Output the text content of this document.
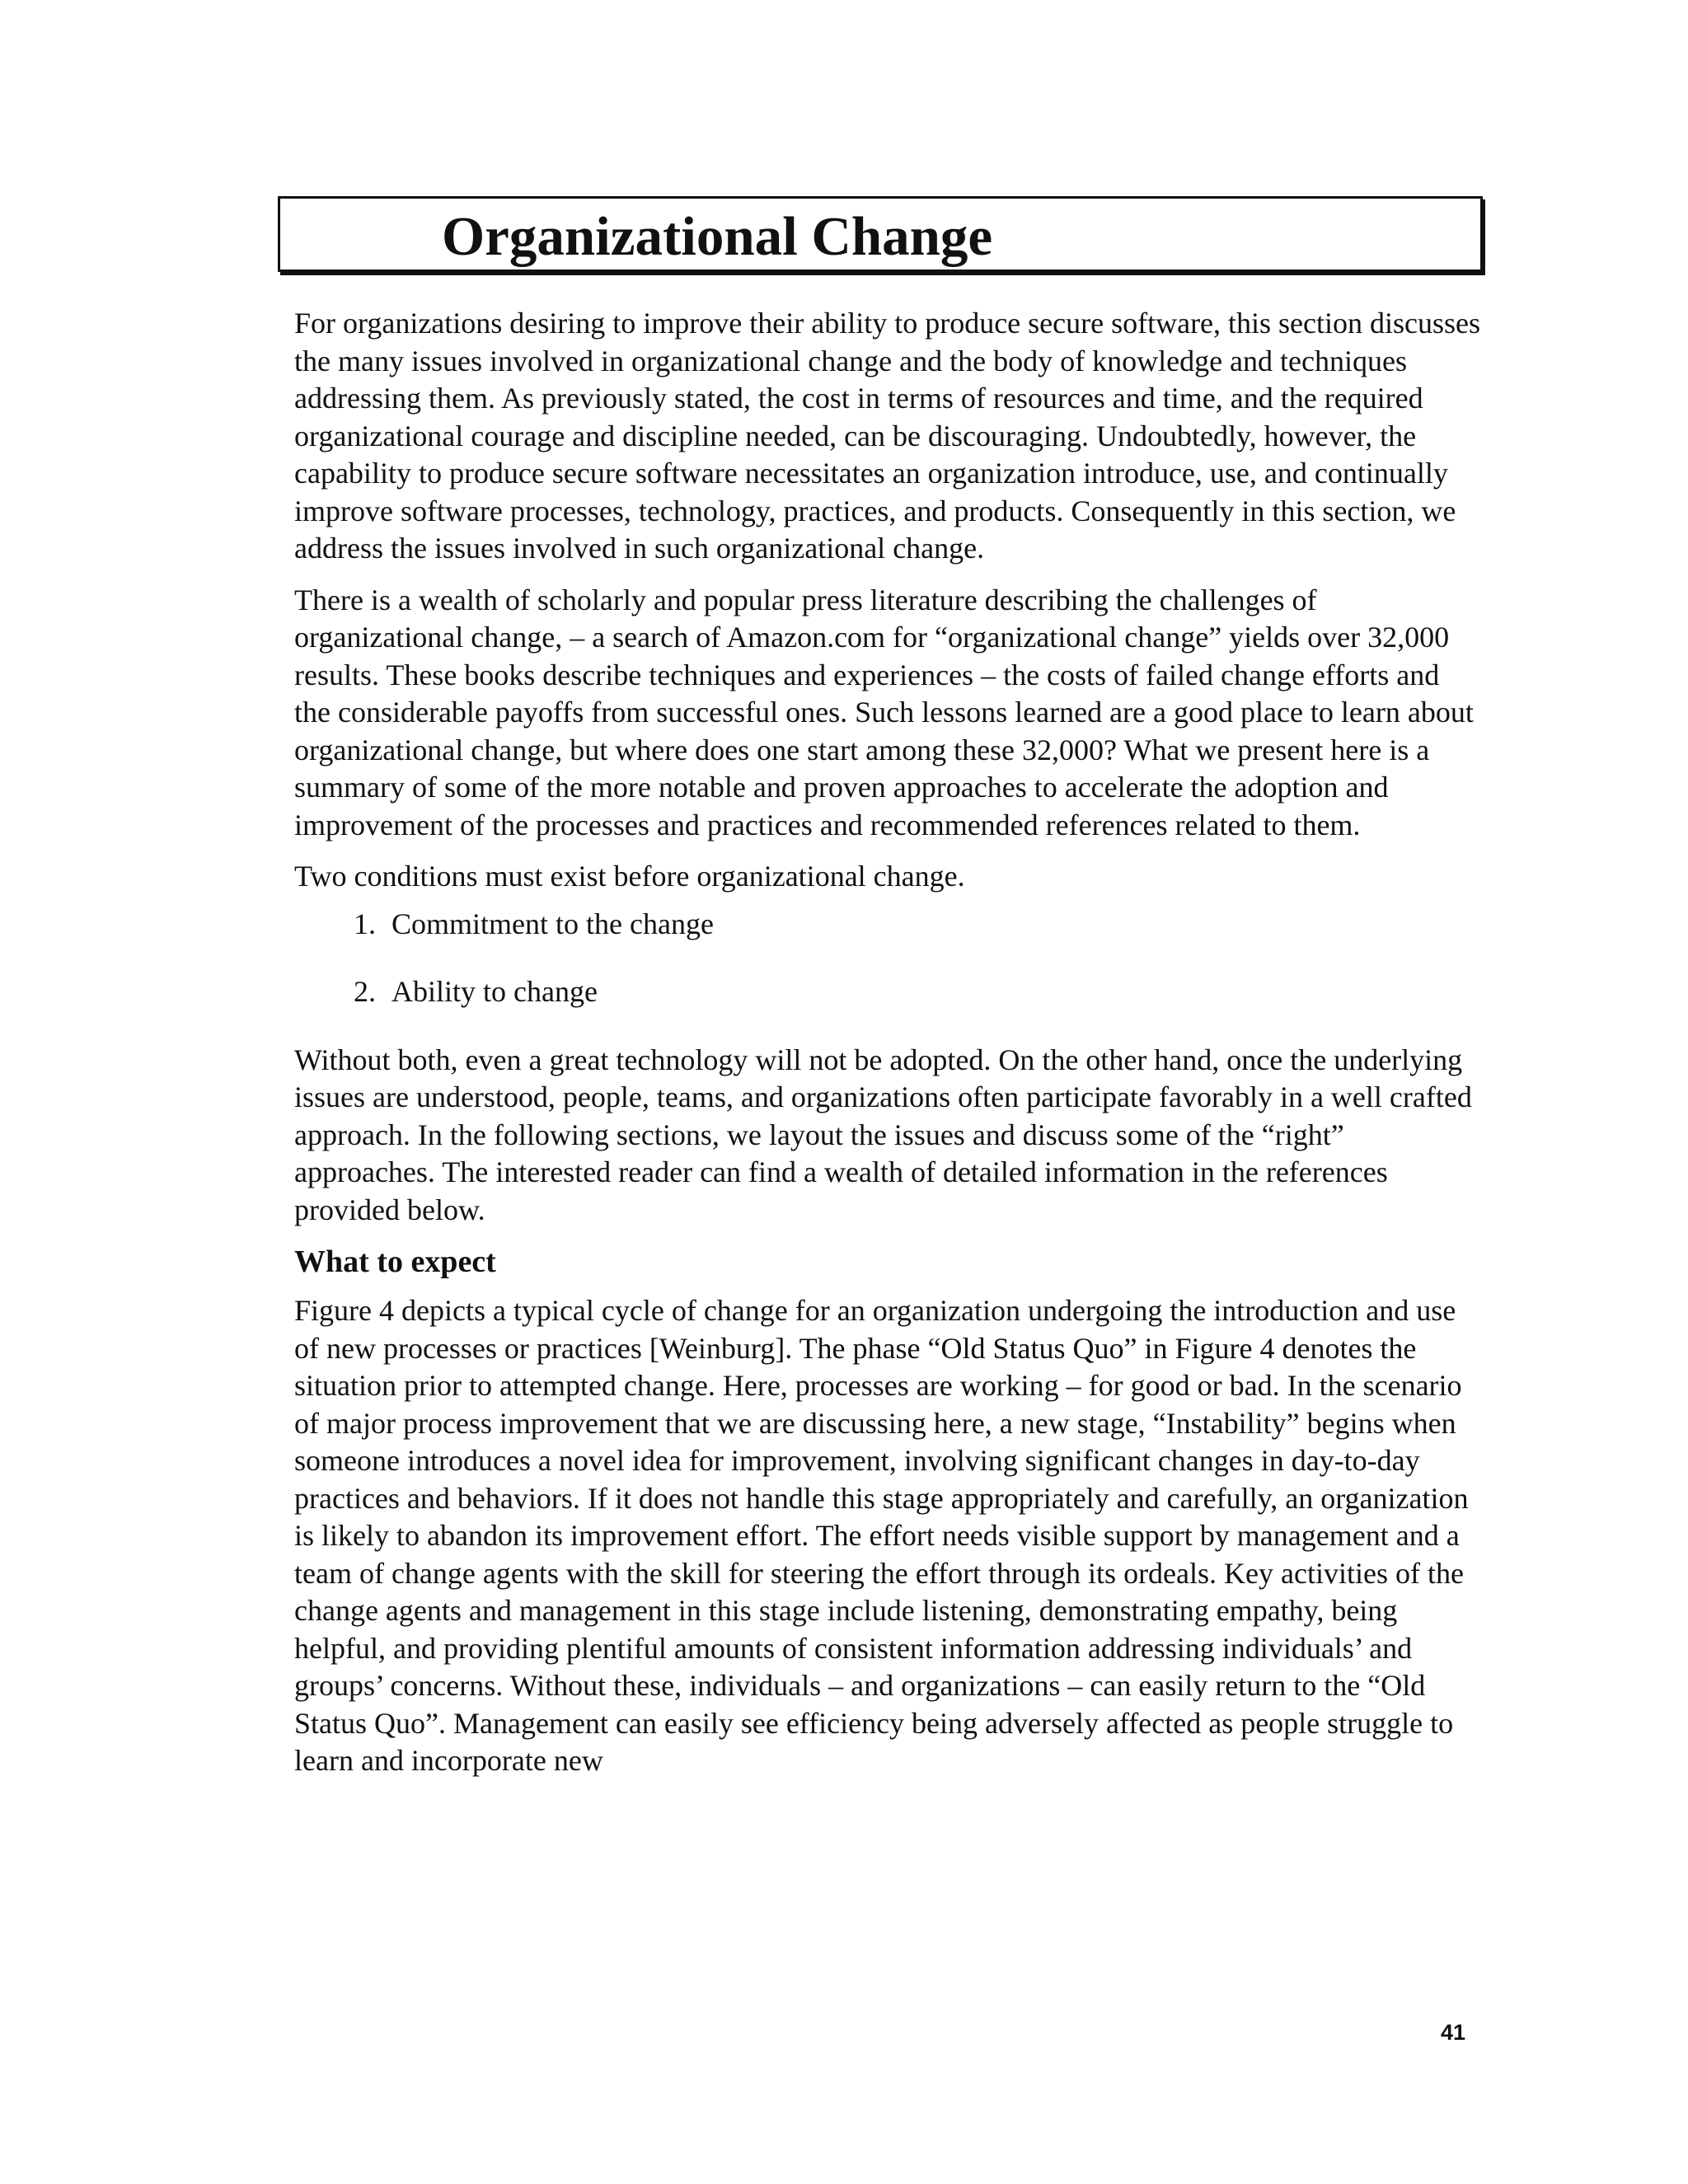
Organizational Change

For organizations desiring to improve their ability to produce secure software, this section discusses the many issues involved in organizational change and the body of knowledge and techniques addressing them. As previously stated, the cost in terms of resources and time, and the required organizational courage and discipline needed, can be discouraging. Undoubtedly, however, the capability to produce secure software necessitates an organization introduce, use, and continually improve software processes, technology, practices, and products. Consequently in this section, we address the issues involved in such organizational change.

There is a wealth of scholarly and popular press literature describing the challenges of organizational change, – a search of Amazon.com for “organizational change” yields over 32,000 results. These books describe techniques and experiences – the costs of failed change efforts and the considerable payoffs from successful ones. Such lessons learned are a good place to learn about organizational change, but where does one start among these 32,000? What we present here is a summary of some of the more notable and proven approaches to accelerate the adoption and improvement of the processes and practices and recommended references related to them.

Two conditions must exist before organizational change.

1. Commitment to the change
2. Ability to change

Without both, even a great technology will not be adopted. On the other hand, once the underlying issues are understood, people, teams, and organizations often participate favorably in a well crafted approach. In the following sections, we layout the issues and discuss some of the “right” approaches. The interested reader can find a wealth of detailed information in the references provided below.

What to expect

Figure 4 depicts a typical cycle of change for an organization undergoing the introduction and use of new processes or practices [Weinburg]. The phase “Old Status Quo” in Figure 4 denotes the situation prior to attempted change. Here, processes are working – for good or bad. In the scenario of major process improvement that we are discussing here, a new stage, “Instability” begins when someone introduces a novel idea for improvement, involving significant changes in day-to-day practices and behaviors. If it does not handle this stage appropriately and carefully, an organization is likely to abandon its improvement effort. The effort needs visible support by management and a team of change agents with the skill for steering the effort through its ordeals. Key activities of the change agents and management in this stage include listening, demonstrating empathy, being helpful, and providing plentiful amounts of consistent information addressing individuals’ and groups’ concerns. Without these, individuals – and organizations – can easily return to the “Old Status Quo”. Management can easily see efficiency being adversely affected as people struggle to learn and incorporate new

41
